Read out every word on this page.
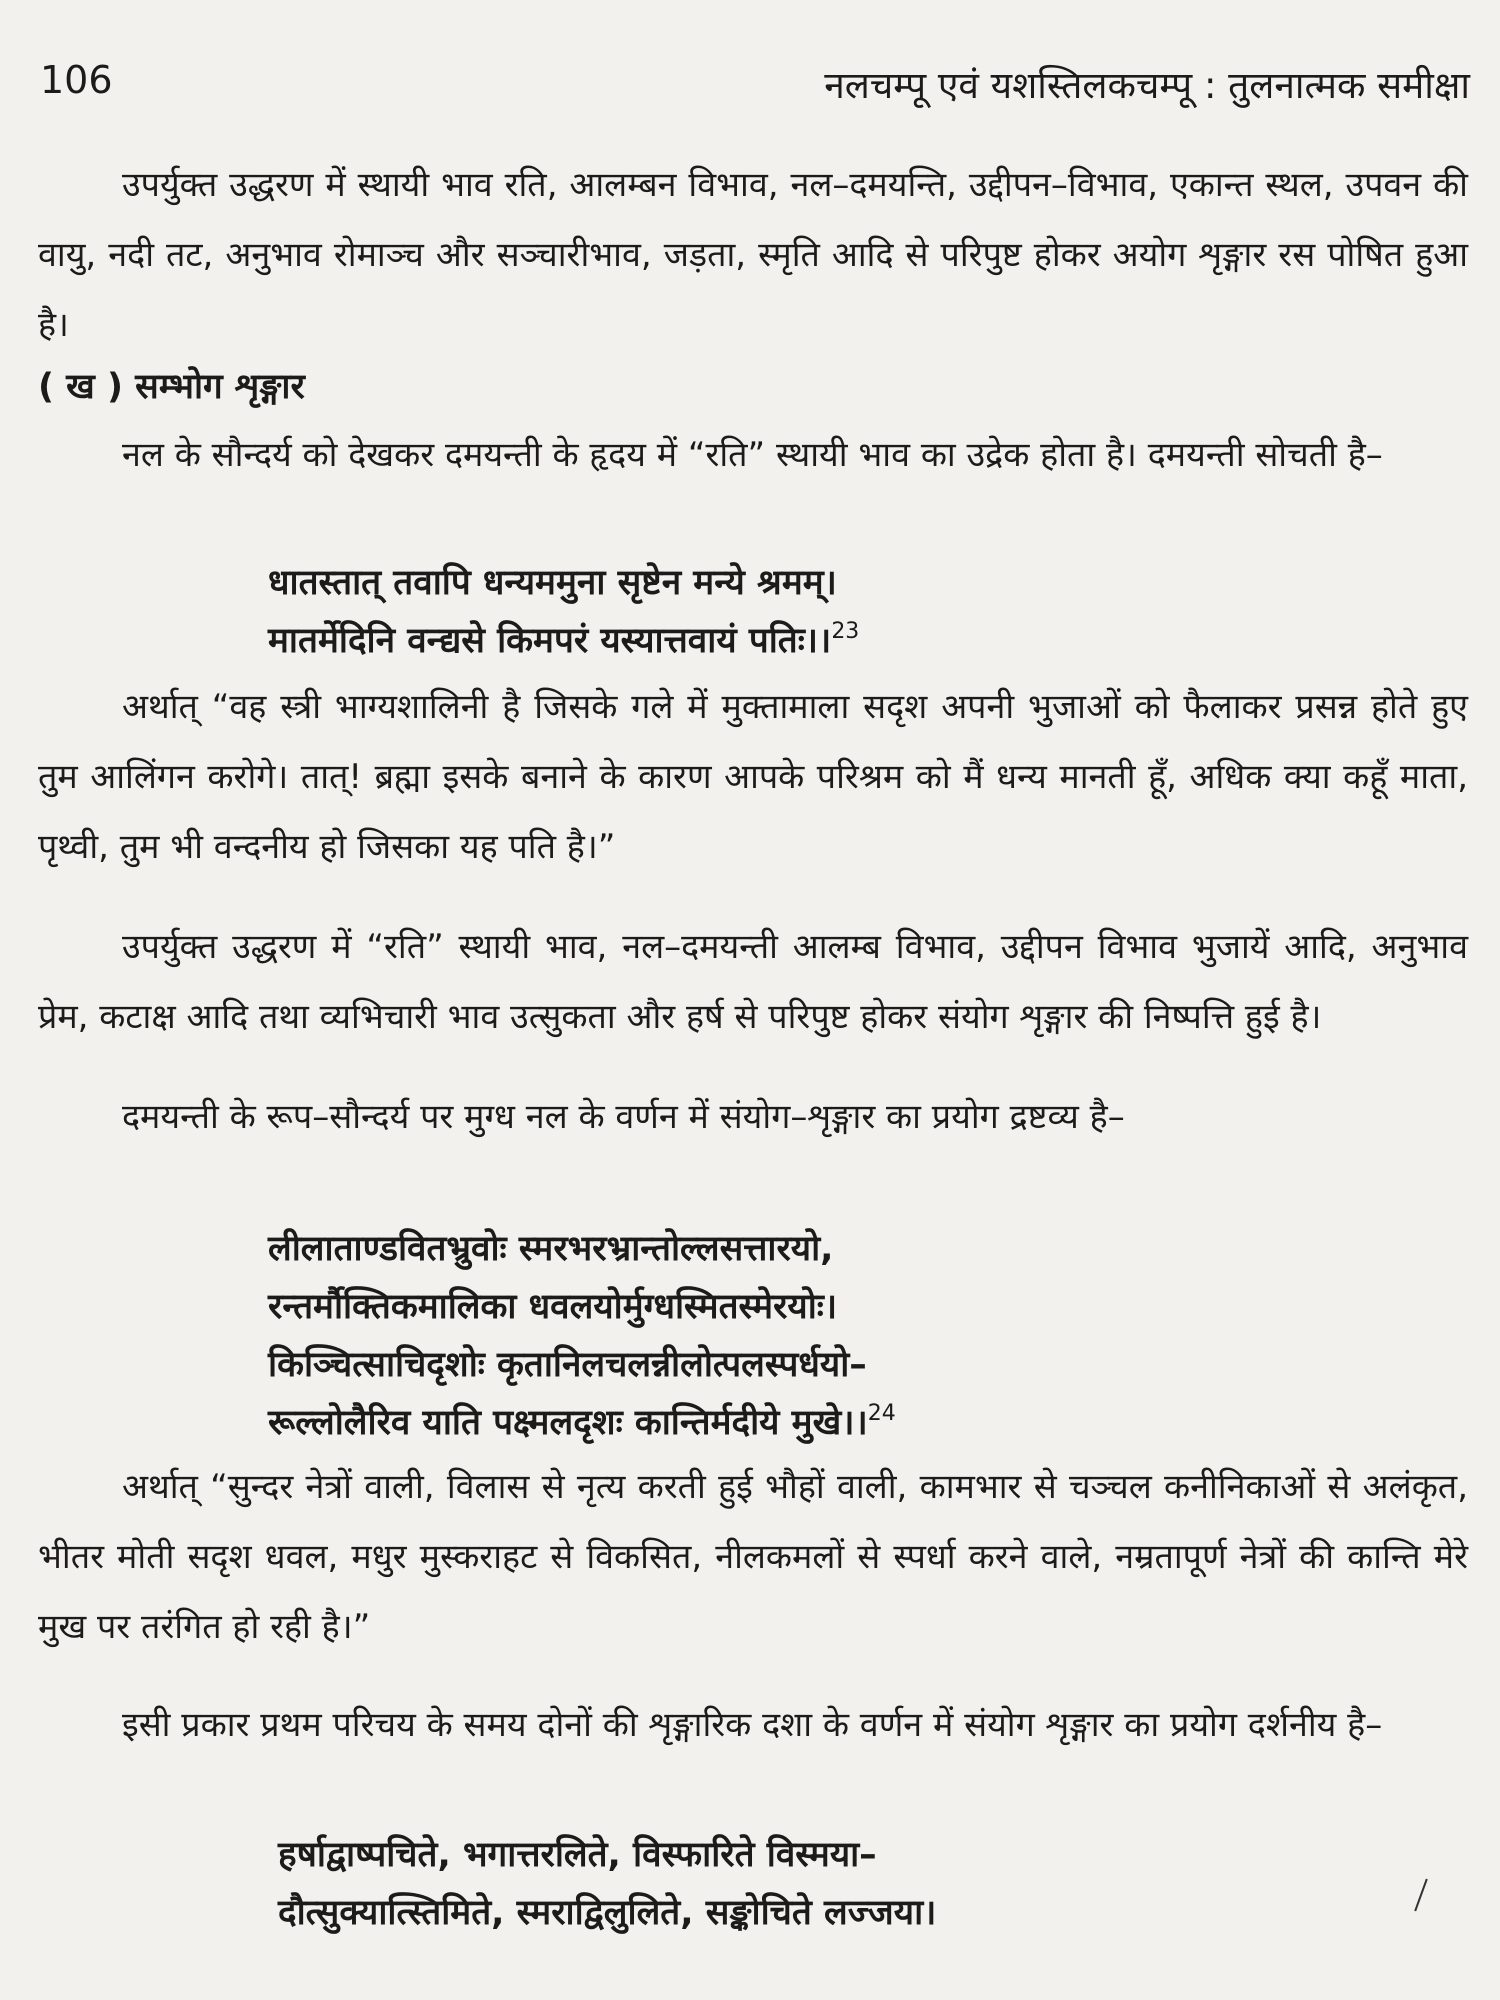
106	नलचम्पू एवं यशस्तिलकचम्पू : तुलनात्मक समीक्षा

उपर्युक्त उद्धरण में स्थायी भाव रति, आलम्बन विभाव, नल–दमयन्ति, उद्दीपन–विभाव, एकान्त स्थल, उपवन की वायु, नदी तट, अनुभाव रोमाञ्च और सञ्चारीभाव, जड़ता, स्मृति आदि से परिपुष्ट होकर अयोग शृङ्गार रस पोषित हुआ है।

( ख ) सम्भोग शृङ्गार

नल के सौन्दर्य को देखकर दमयन्ती के हृदय में “रति” स्थायी भाव का उद्रेक होता है। दमयन्ती सोचती है–

धातस्तात् तवापि धन्यममुना सृष्टेन मन्ये श्रमम्।
मातर्मेदिनि वन्द्यसे किमपरं यस्यात्तवायं पतिः।।$^{23}$

अर्थात् “वह स्त्री भाग्यशालिनी है जिसके गले में मुक्तामाला सदृश अपनी भुजाओं को फैलाकर प्रसन्न होते हुए तुम आलिंगन करोगे। तात्! ब्रह्मा इसके बनाने के कारण आपके परिश्रम को मैं धन्य मानती हूँ, अधिक क्या कहूँ माता, पृथ्वी, तुम भी वन्दनीय हो जिसका यह पति है।”

उपर्युक्त उद्धरण में “रति” स्थायी भाव, नल–दमयन्ती आलम्ब विभाव, उद्दीपन विभाव भुजायें आदि, अनुभाव प्रेम, कटाक्ष आदि तथा व्यभिचारी भाव उत्सुकता और हर्ष से परिपुष्ट होकर संयोग शृङ्गार की निष्पत्ति हुई है।

दमयन्ती के रूप–सौन्दर्य पर मुग्ध नल के वर्णन में संयोग–शृङ्गार का प्रयोग द्रष्टव्य है–

लीलाताण्डवितभ्रुवोः स्मरभरभ्रान्तोल्लसत्तारयो,
रन्तर्मौक्तिकमालिका धवलयोर्मुग्धस्मितस्मेरयोः।
किञ्चित्साचिदृशोः कृतानिलचलन्नीलोत्पलस्पर्धयो–
रूल्लोलैरिव याति पक्ष्मलदृशः कान्तिर्मदीये मुखे।।$^{24}$

अर्थात् “सुन्दर नेत्रों वाली, विलास से नृत्य करती हुई भौहों वाली, कामभार से चञ्चल कनीनिकाओं से अलंकृत, भीतर मोती सदृश धवल, मधुर मुस्कराहट से विकसित, नीलकमलों से स्पर्धा करने वाले, नम्रतापूर्ण नेत्रों की कान्ति मेरे मुख पर तरंगित हो रही है।”

इसी प्रकार प्रथम परिचय के समय दोनों की शृङ्गारिक दशा के वर्णन में संयोग शृङ्गार का प्रयोग दर्शनीय है–

हर्षाद्वाष्पचिते, भगात्तरलिते, विस्फारिते विस्मया–
दौत्सुक्यात्स्तिमिते, स्मराद्विलुलिते, सङ्कोचिते लज्जया।
